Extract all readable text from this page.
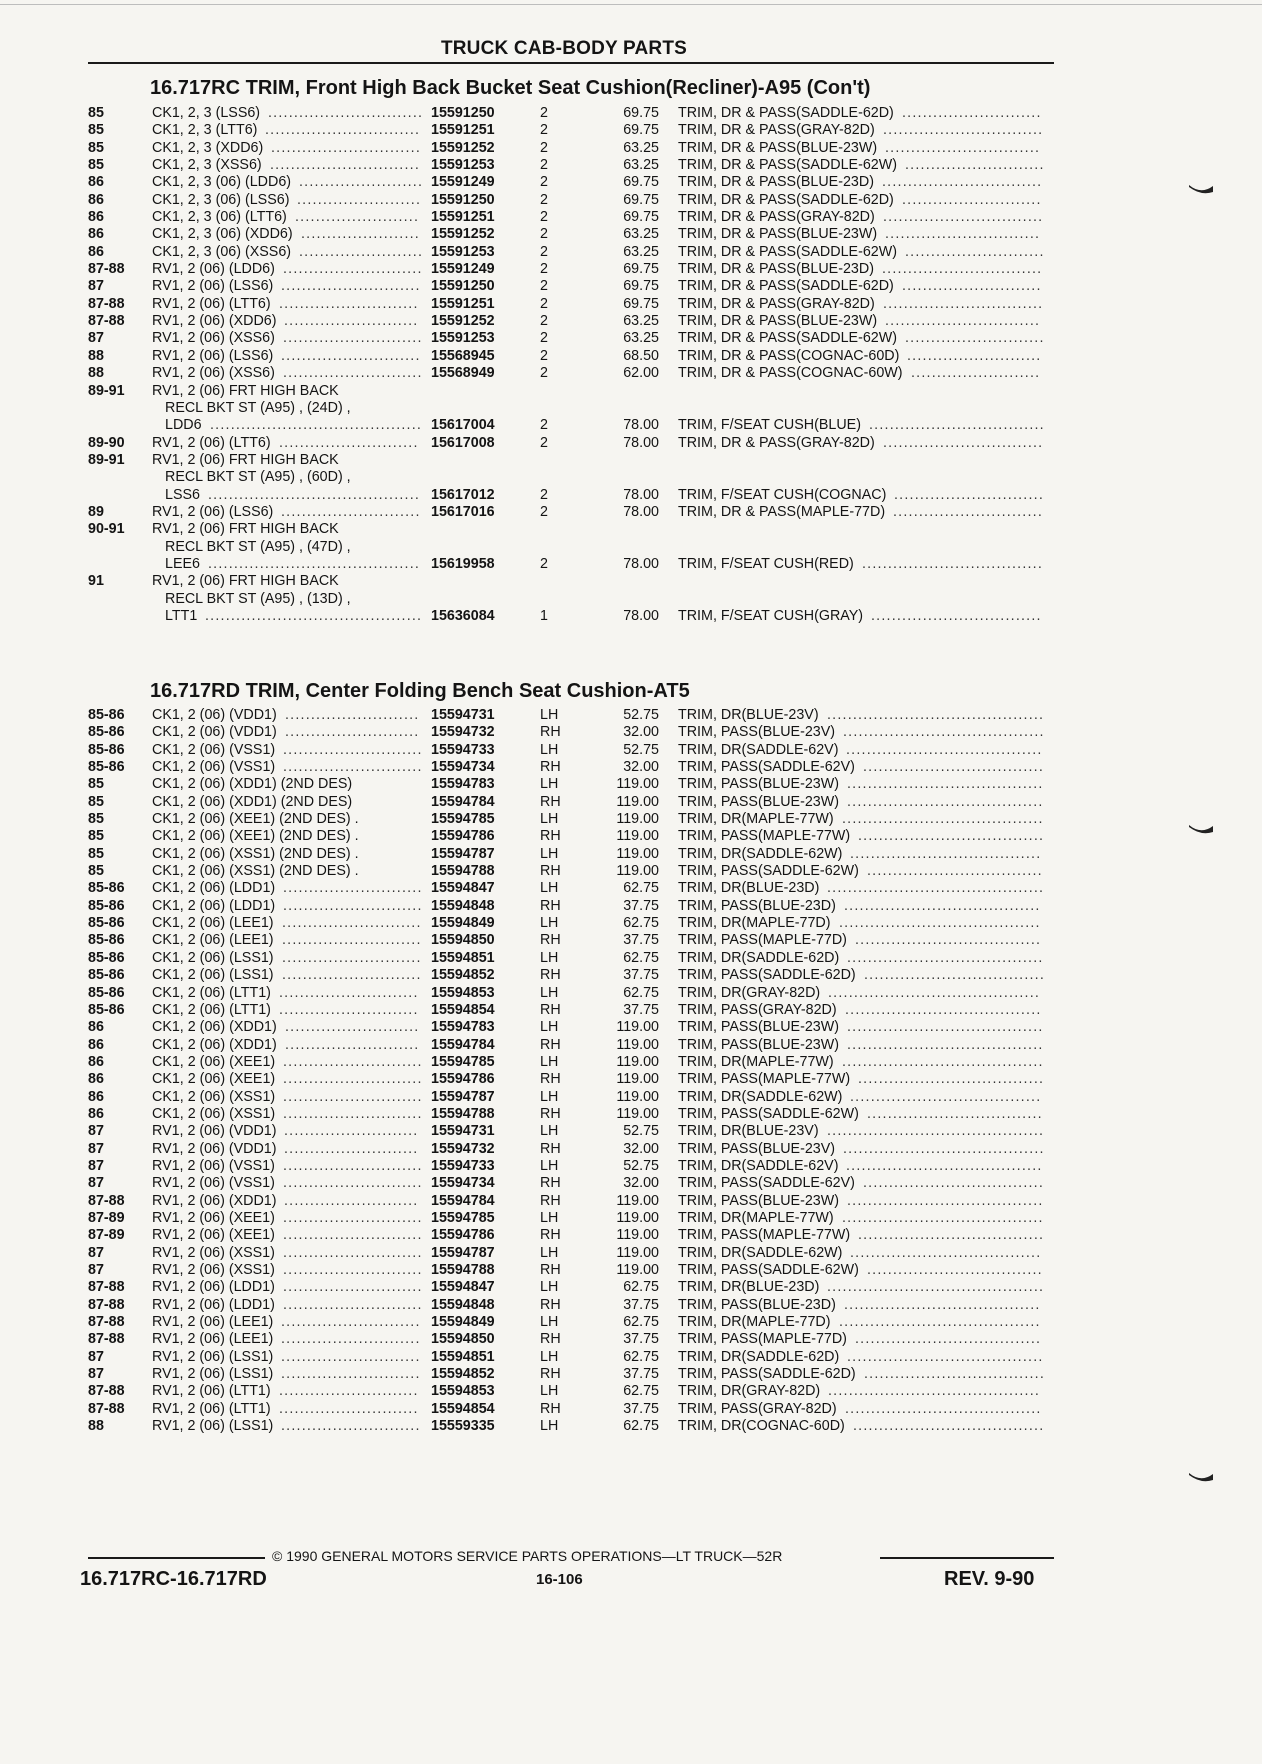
TRUCK CAB-BODY PARTS
16.717RC TRIM, Front High Back Bucket Seat Cushion(Recliner)-A95 (Con't)
85	CK1, 2, 3 (LSS6) .............................. 15591250	2	69.75 TRIM, DR & PASS(SADDLE-62D) ...........................
85	CK1, 2, 3 (LTT6) .............................. 15591251	2	69.75 TRIM, DR & PASS(GRAY-82D) ...............................
85	CK1, 2, 3 (XDD6) ............................. 15591252	2	63.25 TRIM, DR & PASS(BLUE-23W) ..............................
85	CK1, 2, 3 (XSS6) ............................. 15591253	2	63.25 TRIM, DR & PASS(SADDLE-62W) ...........................
86	CK1, 2, 3 (06) (LDD6) ........................ 15591249	2	69.75 TRIM, DR & PASS(BLUE-23D) ...............................
86	CK1, 2, 3 (06) (LSS6) ........................ 15591250	2	69.75 TRIM, DR & PASS(SADDLE-62D) ...........................
86	CK1, 2, 3 (06) (LTT6) ........................ 15591251	2	69.75 TRIM, DR & PASS(GRAY-82D) ...............................
86	CK1, 2, 3 (06) (XDD6) ....................... 15591252	2	63.25 TRIM, DR & PASS(BLUE-23W) ..............................
86	CK1, 2, 3 (06) (XSS6) ........................ 15591253	2	63.25 TRIM, DR & PASS(SADDLE-62W) ...........................
87-88 RV1, 2 (06) (LDD6) ........................... 15591249	2	69.75 TRIM, DR & PASS(BLUE-23D) ...............................
87	RV1, 2 (06) (LSS6) ........................... 15591250	2	69.75 TRIM, DR & PASS(SADDLE-62D) ...........................
87-88 RV1, 2 (06) (LTT6) ........................... 15591251	2	69.75 TRIM, DR & PASS(GRAY-82D) ...............................
87-88 RV1, 2 (06) (XDD6) .......................... 15591252	2	63.25 TRIM, DR & PASS(BLUE-23W) ..............................
87	RV1, 2 (06) (XSS6) ........................... 15591253	2	63.25 TRIM, DR & PASS(SADDLE-62W) ...........................
88	RV1, 2 (06) (LSS6) ........................... 15568945	2	68.50 TRIM, DR & PASS(COGNAC-60D) ..........................
88	RV1, 2 (06) (XSS6) ........................... 15568949	2	62.00 TRIM, DR & PASS(COGNAC-60W) .........................
89-91 RV1, 2 (06) FRT HIGH BACK
RECL BKT ST (A95) , (24D) ,
LDD6 ......................................... 15617004	2	78.00 TRIM, F/SEAT CUSH(BLUE) ..................................
89-90 RV1, 2 (06) (LTT6) ........................... 15617008	2	78.00 TRIM, DR & PASS(GRAY-82D) ...............................
89-91 RV1, 2 (06) FRT HIGH BACK
RECL BKT ST (A95) , (60D) ,
LSS6 ......................................... 15617012	2	78.00 TRIM, F/SEAT CUSH(COGNAC) .............................
89	RV1, 2 (06) (LSS6) ........................... 15617016	2	78.00 TRIM, DR & PASS(MAPLE-77D) .............................
90-91 RV1, 2 (06) FRT HIGH BACK
RECL BKT ST (A95) , (47D) ,
LEE6 ......................................... 15619958	2	78.00 TRIM, F/SEAT CUSH(RED) ...................................
91	RV1, 2 (06) FRT HIGH BACK
RECL BKT ST (A95) , (13D) ,
LTT1 .......................................... 15636084	1	78.00 TRIM, F/SEAT CUSH(GRAY) .................................
16.717RD TRIM, Center Folding Bench Seat Cushion-AT5
85-86 CK1, 2 (06) (VDD1) .......................... 15594731	LH	52.75 TRIM, DR(BLUE-23V) ..........................................
85-86 CK1, 2 (06) (VDD1) .......................... 15594732	RH	32.00 TRIM, PASS(BLUE-23V) .......................................
85-86 CK1, 2 (06) (VSS1) ........................... 15594733	LH	52.75 TRIM, DR(SADDLE-62V) ......................................
85-86 CK1, 2 (06) (VSS1) ........................... 15594734	RH	32.00 TRIM, PASS(SADDLE-62V) ...................................
85	CK1, 2 (06) (XDD1) (2ND DES)	15594783	LH	119.00 TRIM, PASS(BLUE-23W) ......................................
85	CK1, 2 (06) (XDD1) (2ND DES)	15594784	RH	119.00 TRIM, PASS(BLUE-23W) ......................................
85	CK1, 2 (06) (XEE1) (2ND DES) .	15594785	LH	119.00 TRIM, DR(MAPLE-77W) .......................................
85	CK1, 2 (06) (XEE1) (2ND DES) .	15594786	RH	119.00 TRIM, PASS(MAPLE-77W) ....................................
85	CK1, 2 (06) (XSS1) (2ND DES) .	15594787	LH	119.00 TRIM, DR(SADDLE-62W) .....................................
85	CK1, 2 (06) (XSS1) (2ND DES) .	15594788	RH	119.00 TRIM, PASS(SADDLE-62W) ..................................
85-86 CK1, 2 (06) (LDD1) ........................... 15594847	LH	62.75 TRIM, DR(BLUE-23D) ..........................................
85-86 CK1, 2 (06) (LDD1) ........................... 15594848	RH	37.75 TRIM, PASS(BLUE-23D) ......................................
85-86 CK1, 2 (06) (LEE1) ........................... 15594849	LH	62.75 TRIM, DR(MAPLE-77D) .......................................
85-86 CK1, 2 (06) (LEE1) ........................... 15594850	RH	37.75 TRIM, PASS(MAPLE-77D) ....................................
85-86 CK1, 2 (06) (LSS1) ........................... 15594851	LH	62.75 TRIM, DR(SADDLE-62D) ......................................
85-86 CK1, 2 (06) (LSS1) ........................... 15594852	RH	37.75 TRIM, PASS(SADDLE-62D) ...................................
85-86 CK1, 2 (06) (LTT1) ........................... 15594853	LH	62.75 TRIM, DR(GRAY-82D) .........................................
85-86 CK1, 2 (06) (LTT1) ........................... 15594854	RH	37.75 TRIM, PASS(GRAY-82D) ......................................
86	CK1, 2 (06) (XDD1) .......................... 15594783	LH	119.00 TRIM, PASS(BLUE-23W) ......................................
86	CK1, 2 (06) (XDD1) .......................... 15594784	RH	119.00 TRIM, PASS(BLUE-23W) ......................................
86	CK1, 2 (06) (XEE1) ........................... 15594785	LH	119.00 TRIM, DR(MAPLE-77W) .......................................
86	CK1, 2 (06) (XEE1) ........................... 15594786	RH	119.00 TRIM, PASS(MAPLE-77W) ....................................
86	CK1, 2 (06) (XSS1) ........................... 15594787	LH	119.00 TRIM, DR(SADDLE-62W) .....................................
86	CK1, 2 (06) (XSS1) ........................... 15594788	RH	119.00 TRIM, PASS(SADDLE-62W) ..................................
87	RV1, 2 (06) (VDD1) .......................... 15594731	LH	52.75 TRIM, DR(BLUE-23V) ..........................................
87	RV1, 2 (06) (VDD1) .......................... 15594732	RH	32.00 TRIM, PASS(BLUE-23V) .......................................
87	RV1, 2 (06) (VSS1) ........................... 15594733	LH	52.75 TRIM, DR(SADDLE-62V) ......................................
87	RV1, 2 (06) (VSS1) ........................... 15594734	RH	32.00 TRIM, PASS(SADDLE-62V) ...................................
87-88 RV1, 2 (06) (XDD1) .......................... 15594784	RH	119.00 TRIM, PASS(BLUE-23W) ......................................
87-89 RV1, 2 (06) (XEE1) ........................... 15594785	LH	119.00 TRIM, DR(MAPLE-77W) .......................................
87-89 RV1, 2 (06) (XEE1) ........................... 15594786	RH	119.00 TRIM, PASS(MAPLE-77W) ....................................
87	RV1, 2 (06) (XSS1) ........................... 15594787	LH	119.00 TRIM, DR(SADDLE-62W) .....................................
87	RV1, 2 (06) (XSS1) ........................... 15594788	RH	119.00 TRIM, PASS(SADDLE-62W) ..................................
87-88 RV1, 2 (06) (LDD1) ........................... 15594847	LH	62.75 TRIM, DR(BLUE-23D) ..........................................
87-88 RV1, 2 (06) (LDD1) ........................... 15594848	RH	37.75 TRIM, PASS(BLUE-23D) ......................................
87-88 RV1, 2 (06) (LEE1) ........................... 15594849	LH	62.75 TRIM, DR(MAPLE-77D) .......................................
87-88 RV1, 2 (06) (LEE1) ........................... 15594850	RH	37.75 TRIM, PASS(MAPLE-77D) ....................................
87	RV1, 2 (06) (LSS1) ........................... 15594851	LH	62.75 TRIM, DR(SADDLE-62D) ......................................
87	RV1, 2 (06) (LSS1) ........................... 15594852	RH	37.75 TRIM, PASS(SADDLE-62D) ...................................
87-88 RV1, 2 (06) (LTT1) ........................... 15594853	LH	62.75 TRIM, DR(GRAY-82D) .........................................
87-88 RV1, 2 (06) (LTT1) ........................... 15594854	RH	37.75 TRIM, PASS(GRAY-82D) ......................................
88	RV1, 2 (06) (LSS1) ........................... 15559335	LH	62.75 TRIM, DR(COGNAC-60D) .....................................
© 1990 GENERAL MOTORS SERVICE PARTS OPERATIONS—LT TRUCK—52R
16.717RC-16.717RD	16-106	REV. 9-90
